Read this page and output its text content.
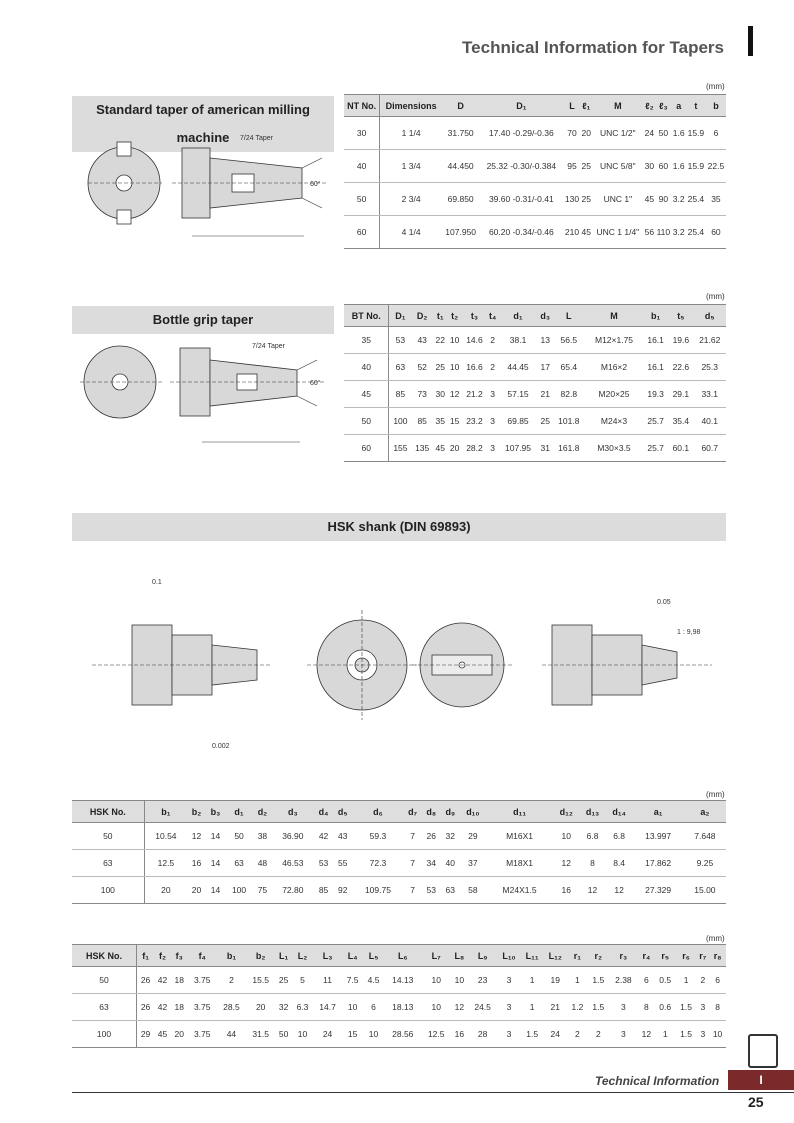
Technical Information for Tapers
Standard taper of american milling machine
(mm)
NT No.	Dimensions	D	D₁	L	ℓ₁	M	ℓ₂	ℓ₃	a	t	b
30	1 1/4	31.750	17.40 -0.29/-0.36	70	20	UNC 1/2"	24	50	1.6	15.9	6
40	1 3/4	44.450	25.32 -0.30/-0.384	95	25	UNC 5/8"	30	60	1.6	15.9	22.5
50	2 3/4	69.850	39.60 -0.31/-0.41	130	25	UNC 1"	45	90	3.2	25.4	35
60	4 1/4	107.950	60.20 -0.34/-0.46	210	45	UNC 1 1/4"	56	110	3.2	25.4	60
7/24 Taper
60°
Bottle grip taper
(mm)
BT No.	D₁	D₂	t₁	t₂	t₃	t₄	d₁	d₃	L	M	b₁	t₅	d₅
35	53	43	22	10	14.6	2	38.1	13	56.5	M12×1.75	16.1	19.6	21.62
40	63	52	25	10	16.6	2	44.45	17	65.4	M16×2	16.1	22.6	25.3
45	85	73	30	12	21.2	3	57.15	21	82.8	M20×25	19.3	29.1	33.1
50	100	85	35	15	23.2	3	69.85	25	101.8	M24×3	25.7	35.4	40.1
60	155	135	45	20	28.2	3	107.95	31	161.8	M30×3.5	25.7	60.1	60.7
7/24 Taper
60°
HSK shank (DIN 69893)
0.1
0.05
0.002
1 : 9,98
(mm)
HSK No.	b₁	b₂	b₃	d₁	d₂	d₃	d₄	d₅	d₆	d₇	d₈	d₉	d₁₀	d₁₁	d₁₂	d₁₃	d₁₄	a₁	a₂
50	10.54	12	14	50	38	36.90	42	43	59.3	7	26	32	29	M16X1	10	6.8	6.8	13.997	7.648
63	12.5	16	14	63	48	46.53	53	55	72.3	7	34	40	37	M18X1	12	8	8.4	17.862	9.25
100	20	20	14	100	75	72.80	85	92	109.75	7	53	63	58	M24X1.5	16	12	12	27.329	15.00
(mm)
HSK No.	f₁	f₂	f₃	f₄	b₁	b₂	L₁	L₂	L₃	L₄	L₅	L₆	L₇	L₈	L₉	L₁₀	L₁₁	L₁₂	r₁	r₂	r₃	r₄	r₅	r₆	r₇	r₈
50	26	42	18	3.75	2	15.5	25	5	11	7.5	4.5	14.13	10	10	23	3	1	19	1	1.5	2.38	6	0.5	1	2	6
63	26	42	18	3.75	28.5	20	32	6.3	14.7	10	6	18.13	10	12	24.5	3	1	21	1.2	1.5	3	8	0.6	1.5	3	8
100	29	45	20	3.75	44	31.5	50	10	24	15	10	28.56	12.5	16	28	3	1.5	24	2	2	3	12	1	1.5	3	10
Technical Information	I
25
